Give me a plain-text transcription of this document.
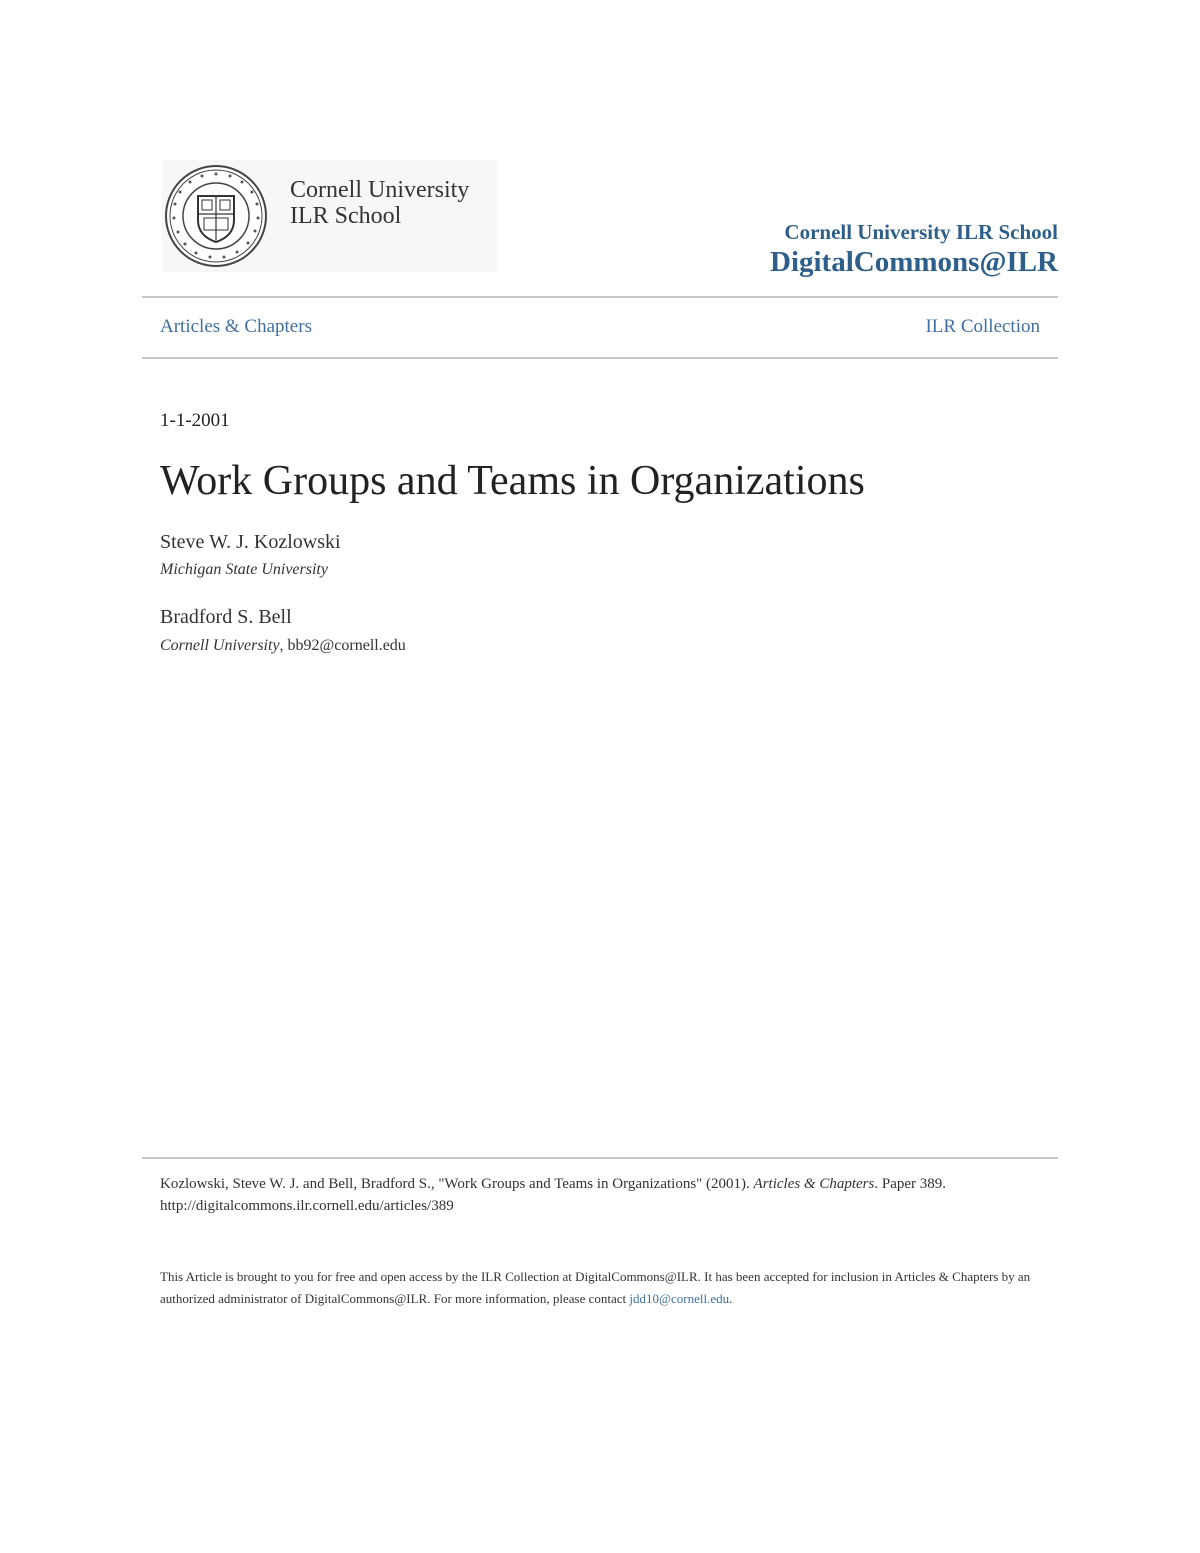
Cornell University
ILR School
Cornell University ILR School
DigitalCommons@ILR
Articles & Chapters	ILR Collection
1-1-2001
Work Groups and Teams in Organizations
Steve W. J. Kozlowski
Michigan State University
Bradford S. Bell
Cornell University, bb92@cornell.edu
Kozlowski, Steve W. J. and Bell, Bradford S., "Work Groups and Teams in Organizations" (2001). Articles & Chapters. Paper 389.
http://digitalcommons.ilr.cornell.edu/articles/389
This Article is brought to you for free and open access by the ILR Collection at DigitalCommons@ILR. It has been accepted for inclusion in Articles & Chapters by an authorized administrator of DigitalCommons@ILR. For more information, please contact jdd10@cornell.edu.
